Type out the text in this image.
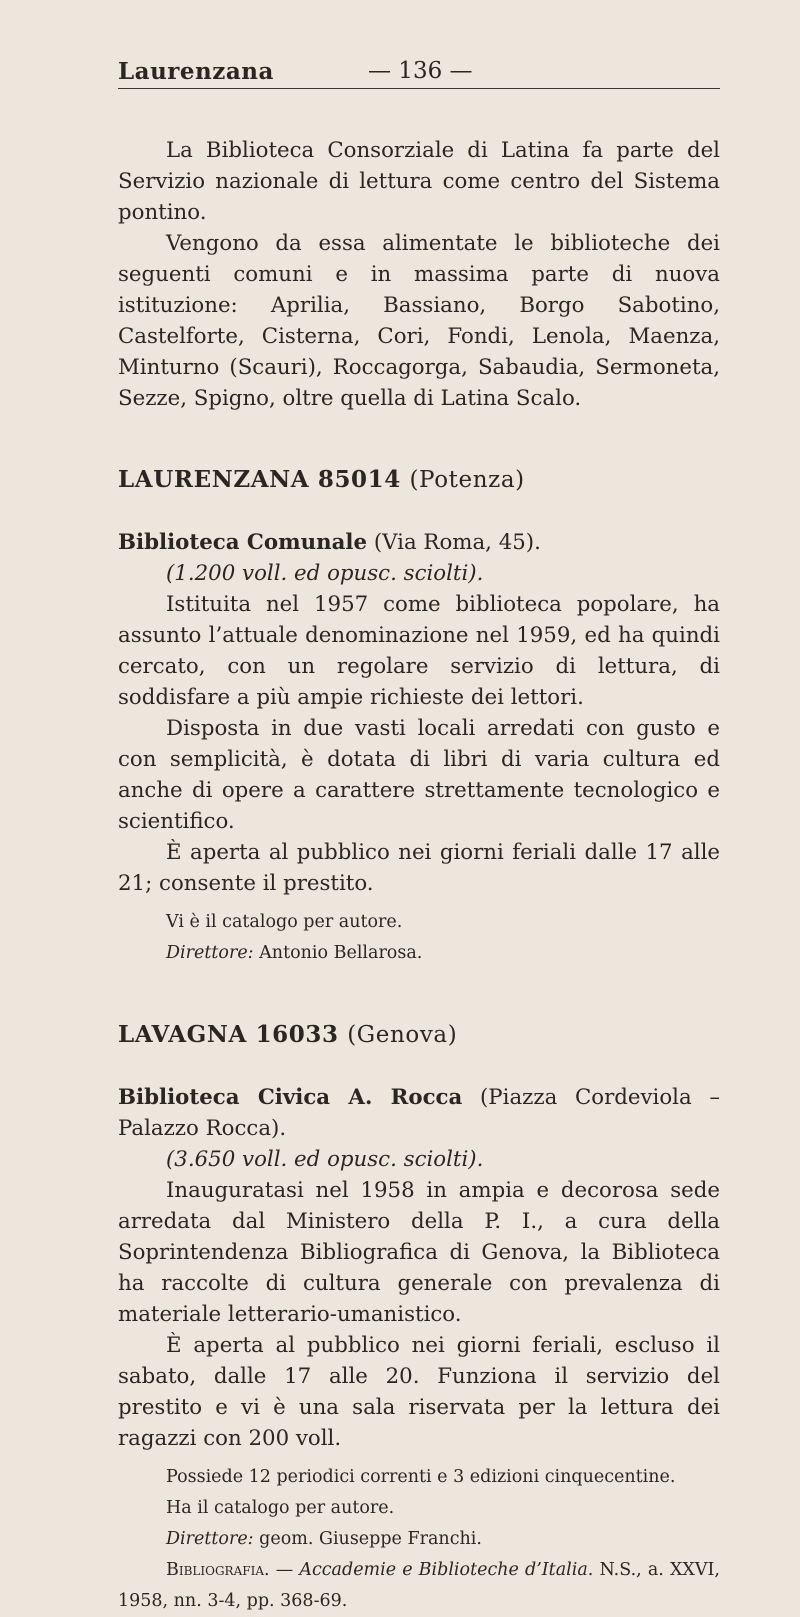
Laurenzana	— 136 —

La Biblioteca Consorziale di Latina fa parte del Servizio nazionale di lettura come centro del Sistema pontino.

Vengono da essa alimentate le biblioteche dei seguenti comuni e in massima parte di nuova istituzione: Aprilia, Bassiano, Borgo Sabotino, Castelforte, Cisterna, Cori, Fondi, Lenola, Maenza, Minturno (Scauri), Roccagorga, Sabaudia, Sermoneta, Sezze, Spigno, oltre quella di Latina Scalo.

LAURENZANA 85014 (Potenza)

Biblioteca Comunale (Via Roma, 45).

(1.200 voll. ed opusc. sciolti).

Istituita nel 1957 come biblioteca popolare, ha assunto l’attuale denominazione nel 1959, ed ha quindi cercato, con un regolare servizio di lettura, di soddisfare a più ampie richieste dei lettori.

Disposta in due vasti locali arredati con gusto e con semplicità, è dotata di libri di varia cultura ed anche di opere a carattere strettamente tecnologico e scientifico.

È aperta al pubblico nei giorni feriali dalle 17 alle 21; consente il prestito.

Vi è il catalogo per autore.

Direttore: Antonio Bellarosa.

LAVAGNA 16033 (Genova)

Biblioteca Civica A. Rocca (Piazza Cordeviola – Palazzo Rocca).

(3.650 voll. ed opusc. sciolti).

Inauguratasi nel 1958 in ampia e decorosa sede arredata dal Ministero della P. I., a cura della Soprintendenza Bibliografica di Genova, la Biblioteca ha raccolte di cultura generale con prevalenza di materiale letterario-umanistico.

È aperta al pubblico nei giorni feriali, escluso il sabato, dalle 17 alle 20. Funziona il servizio del prestito e vi è una sala riservata per la lettura dei ragazzi con 200 voll.

Possiede 12 periodici correnti e 3 edizioni cinquecentine.

Ha il catalogo per autore.

Direttore: geom. Giuseppe Franchi.

Bibliografia. — Accademie e Biblioteche d’Italia. N.S., a. XXVI, 1958, nn. 3-4, pp. 368-69.
